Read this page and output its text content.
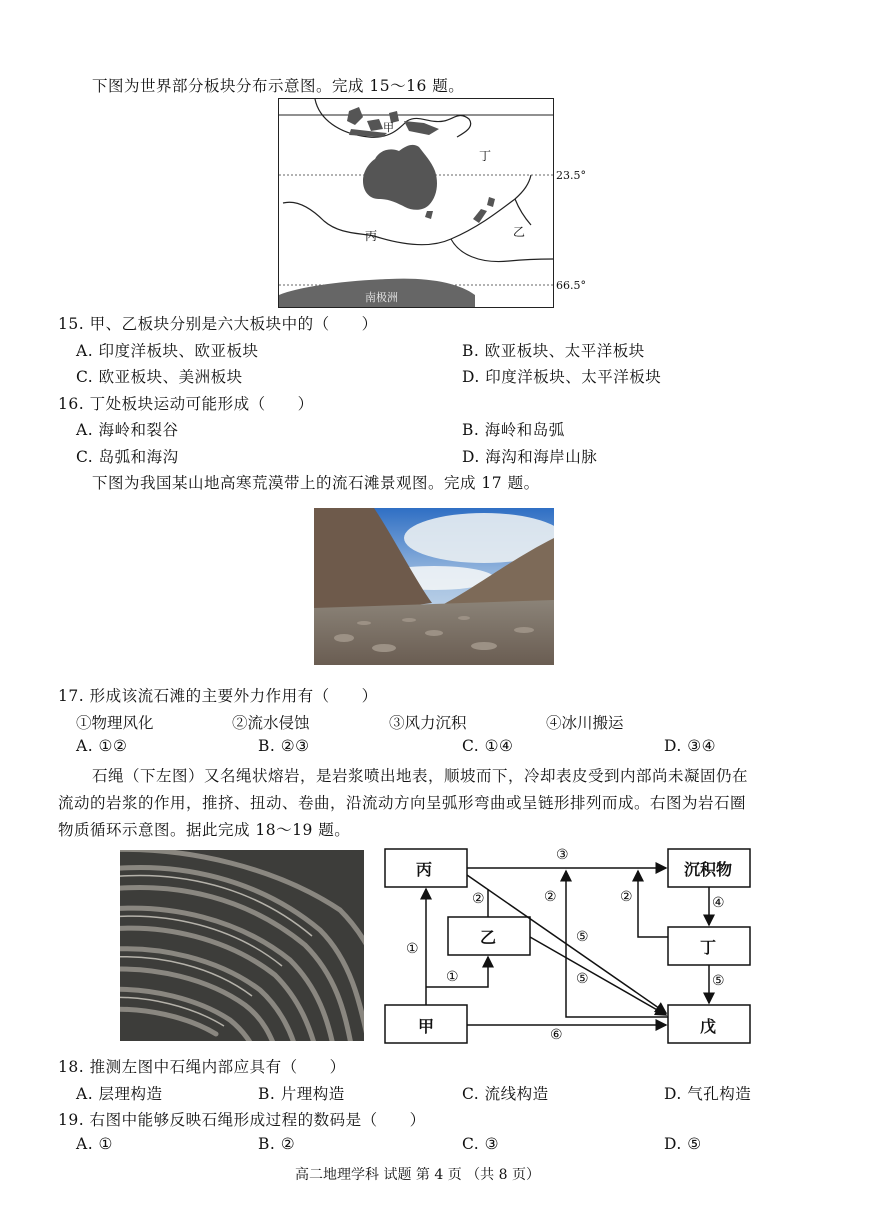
下图为世界部分板块分布示意图。完成 15～16 题。
甲
乙
丙
丁
南极洲
23.5°
66.5°
15. 甲、乙板块分别是六大板块中的（　　）
A. 印度洋板块、欧亚板块	B. 欧亚板块、太平洋板块
C. 欧亚板块、美洲板块	D. 印度洋板块、太平洋板块
16. 丁处板块运动可能形成（　　）
A. 海岭和裂谷	B. 海岭和岛弧
C. 岛弧和海沟	D. 海沟和海岸山脉
下图为我国某山地高寒荒漠带上的流石滩景观图。完成 17 题。
17. 形成该流石滩的主要外力作用有（　　）
①物理风化	②流水侵蚀	③风力沉积	④冰川搬运
A. ①②	B. ②③	C. ①④	D. ③④
石绳（下左图）又名绳状熔岩，是岩浆喷出地表，顺坡而下，冷却表皮受到内部尚未凝固仍在
流动的岩浆的作用，推挤、扭动、卷曲，沿流动方向呈弧形弯曲或呈链形排列而成。右图为岩石圈
物质循环示意图。据此完成 18～19 题。
丙
乙
甲
沉积物
丁
戊
③
①
①
②	②	②	④
⑤
⑤
⑤
⑥
18. 推测左图中石绳内部应具有（　　）
A. 层理构造	B. 片理构造	C. 流线构造	D. 气孔构造
19. 右图中能够反映石绳形成过程的数码是（　　）
A. ①	B. ②	C. ③	D. ⑤
高二地理学科 试题 第 4 页 （共 8 页）
